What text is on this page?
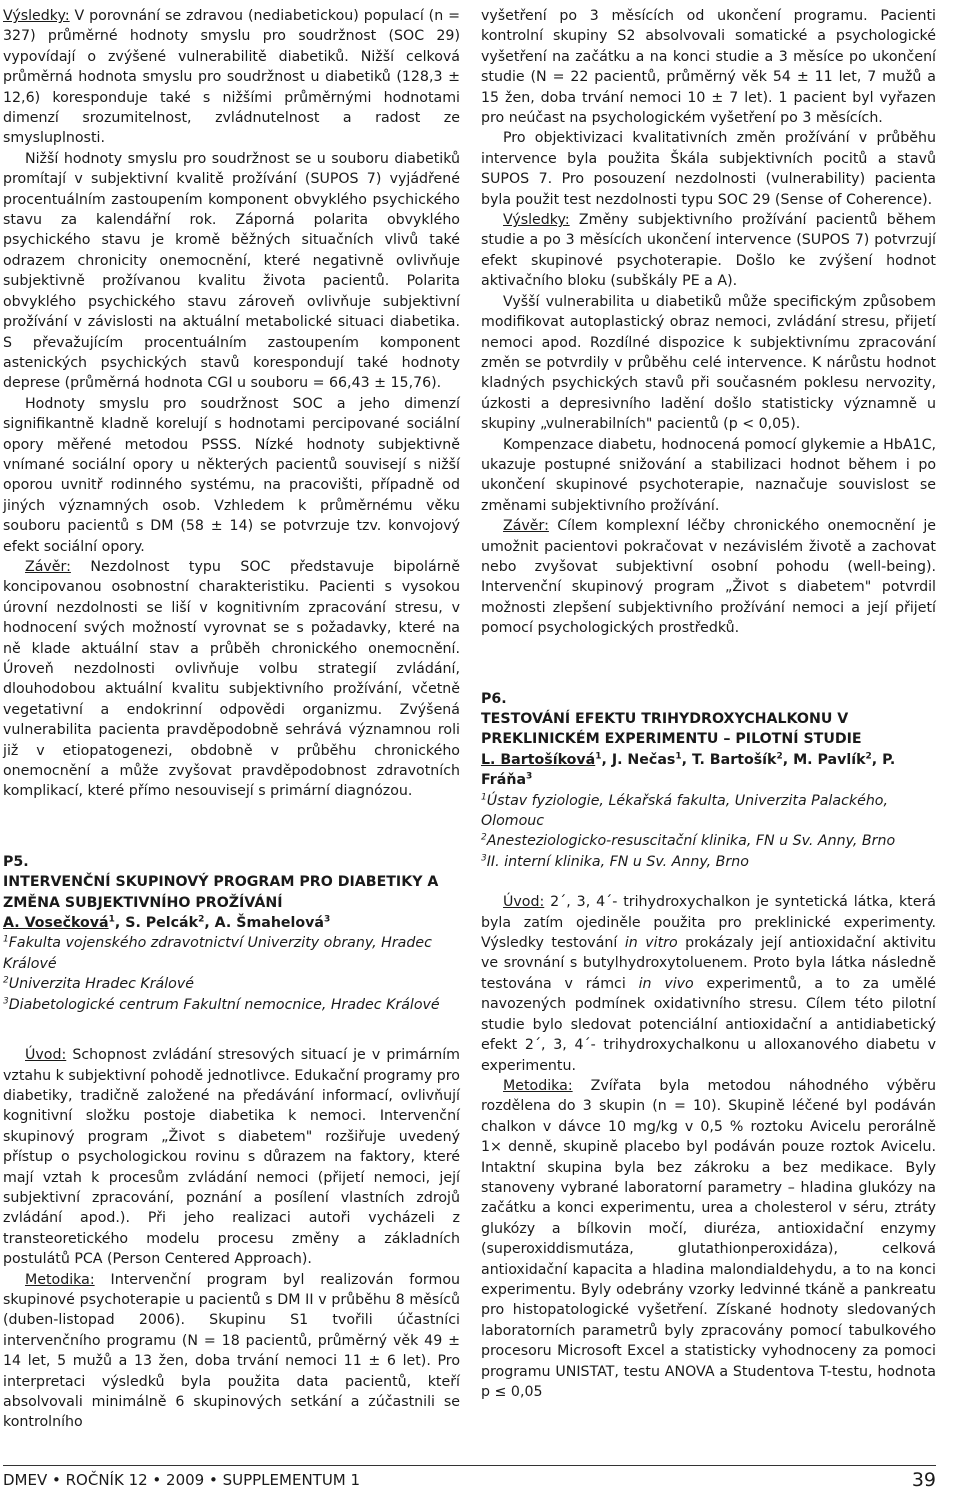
Výsledky: V porovnání se zdravou (nediabetickou) populací (n = 327) průměrné hodnoty smyslu pro soudržnost (SOC 29) vypovídají o zvýšené vulnerabilitě diabetiků. Nižší celková průměrná hodnota smyslu pro soudržnost u diabetiků (128,3 ± 12,6) koresponduje také s nižšími průměrnými hodnotami dimenzí srozumitelnost, zvládnutelnost a radost ze smysluplnosti.

Nižší hodnoty smyslu pro soudržnost se u souboru diabetiků promítají v subjektivní kvalitě prožívání (SUPOS 7) vyjádřené procentuálním zastoupením komponent obvyklého psychického stavu za kalendářní rok. Záporná polarita obvyklého psychického stavu je kromě běžných situačních vlivů také odrazem chronicity onemocnění, které negativně ovlivňuje subjektivně prožívanou kvalitu života pacientů. Polarita obvyklého psychického stavu zároveň ovlivňuje subjektivní prožívání v závislosti na aktuální metabolické situaci diabetika. S převažujícím procentuálním zastoupením komponent astenických psychických stavů korespondují také hodnoty deprese (průměrná hodnota CGI u souboru = 66,43 ± 15,76).

Hodnoty smyslu pro soudržnost SOC a jeho dimenzí signifikantně kladně korelují s hodnotami percipované sociální opory měřené metodou PSSS. Nízké hodnoty subjektivně vnímané sociální opory u některých pacientů souvisejí s nižší oporou uvnitř rodinného systému, na pracovišti, případně od jiných významných osob. Vzhledem k průměrnému věku souboru pacientů s DM (58 ± 14) se potvrzuje tzv. konvojový efekt sociální opory.

Závěr: Nezdolnost typu SOC představuje bipolárně koncipovanou osobnostní charakteristiku. Pacienti s vysokou úrovní nezdolnosti se liší v kognitivním zpracování stresu, v hodnocení svých možností vyrovnat se s požadavky, které na ně klade aktuální stav a průběh chronického onemocnění. Úroveň nezdolnosti ovlivňuje volbu strategií zvládání, dlouhodobou aktuální kvalitu subjektivního prožívání, včetně vegetativní a endokrinní odpovědi organizmu. Zvýšená vulnerabilita pacienta pravděpodobně sehrává významnou roli již v etiopatogenezi, obdobně v průběhu chronického onemocnění a může zvyšovat pravděpodobnost zdravotních komplikací, které přímo nesouvisejí s primární diagnózou.

P5.

INTERVENČNÍ SKUPINOVÝ PROGRAM PRO DIABETIKY A ZMĚNA SUBJEKTIVNÍHO PROŽÍVÁNÍ

A. Vosečková$^1$, S. Pelcák$^2$, A. Šmahelová$^3$

$^1$Fakulta vojenského zdravotnictví Univerzity obrany, Hradec Králové

$^2$Univerzita Hradec Králové

$^3$Diabetologické centrum Fakultní nemocnice, Hradec Králové

Úvod: Schopnost zvládání stresových situací je v primárním vztahu k subjektivní pohodě jednotlivce. Edukační programy pro diabetiky, tradičně založené na předávání informací, ovlivňují kognitivní složku postoje diabetika k nemoci. Intervenční skupinový program „Život s diabetem" rozšiřuje uvedený přístup o psychologickou rovinu s důrazem na faktory, které mají vztah k procesům zvládání nemoci (přijetí nemoci, její subjektivní zpracování, poznání a posílení vlastních zdrojů zvládání apod.). Při jeho realizaci autoři vycházeli z transteoretického modelu procesu změny a základních postulátů PCA (Person Centered Approach).

Metodika: Intervenční program byl realizován formou skupinové psychoterapie u pacientů s DM II v průběhu 8 měsíců (duben-listopad 2006). Skupinu S1 tvořili účastníci intervenčního programu (N = 18 pacientů, průměrný věk 49 ± 14 let, 5 mužů a 13 žen, doba trvání nemoci 11 ± 6 let). Pro interpretaci výsledků byla použita data pacientů, kteří absolvovali minimálně 6 skupinových setkání a zúčastnili se kontrolního

vyšetření po 3 měsících od ukončení programu. Pacienti kontrolní skupiny S2 absolvovali somatické a psychologické vyšetření na začátku a na konci studie a 3 měsíce po ukončení studie (N = 22 pacientů, průměrný věk 54 ± 11 let, 7 mužů a 15 žen, doba trvání nemoci 10 ± 7 let). 1 pacient byl vyřazen pro neúčast na psychologickém vyšetření po 3 měsících.

Pro objektivizaci kvalitativních změn prožívání v průběhu intervence byla použita Škála subjektivních pocitů a stavů SUPOS 7. Pro posouzení nezdolnosti (vulnerability) pacienta byla použit test nezdolnosti typu SOC 29 (Sense of Coherence).

Výsledky: Změny subjektivního prožívání pacientů během studie a po 3 měsících ukončení intervence (SUPOS 7) potvrzují efekt skupinové psychoterapie. Došlo ke zvýšení hodnot aktivačního bloku (subškály PE a A).

Vyšší vulnerabilita u diabetiků může specifickým způsobem modifikovat autoplastický obraz nemoci, zvládání stresu, přijetí nemoci apod. Rozdílné dispozice k subjektivnímu zpracování změn se potvrdily v průběhu celé intervence. K nárůstu hodnot kladných psychických stavů při současném poklesu nervozity, úzkosti a depresivního ladění došlo statisticky významně u skupiny „vulnerabilních" pacientů (p < 0,05).

Kompenzace diabetu, hodnocená pomocí glykemie a HbA1C, ukazuje postupné snižování a stabilizaci hodnot během i po ukončení skupinové psychoterapie, naznačuje souvislost se změnami subjektivního prožívání.

Závěr: Cílem komplexní léčby chronického onemocnění je umožnit pacientovi pokračovat v nezávislém životě a zachovat nebo zvyšovat subjektivní osobní pohodu (well-being). Intervenční skupinový program „Život s diabetem" potvrdil možnosti zlepšení subjektivního prožívání nemoci a její přijetí pomocí psychologických prostředků.

P6.

TESTOVÁNÍ EFEKTU TRIHYDROXYCHALKONU V PREKLINICKÉM EXPERIMENTU – PILOTNÍ STUDIE

L. Bartošíková$^1$, J. Nečas$^1$, T. Bartošík$^2$, M. Pavlík$^2$, P. Fráňa$^3$

$^1$Ústav fyziologie, Lékařská fakulta, Univerzita Palackého, Olomouc

$^2$Anesteziologicko-resuscitační klinika, FN u Sv. Anny, Brno

$^3$II. interní klinika, FN u Sv. Anny, Brno

Úvod: 2´, 3, 4´- trihydroxychalkon je syntetická látka, která byla zatím ojediněle použita pro preklinické experimenty. Výsledky testování in vitro prokázaly její antioxidační aktivitu ve srovnání s butylhydroxytoluenem. Proto byla látka následně testována v rámci in vivo experimentů, a to za umělé navozených podmínek oxidativního stresu. Cílem této pilotní studie bylo sledovat potenciální antioxidační a antidiabetický efekt 2´, 3, 4´- trihydroxychalkonu u alloxanového diabetu v experimentu.

Metodika: Zvířata byla metodou náhodného výběru rozdělena do 3 skupin (n = 10). Skupině léčené byl podáván chalkon v dávce 10 mg/kg v 0,5 % roztoku Avicelu perorálně 1× denně, skupině placebo byl podáván pouze roztok Avicelu. Intaktní skupina byla bez zákroku a bez medikace. Byly stanoveny vybrané laboratorní parametry – hladina glukózy na začátku a konci experimentu, urea a cholesterol v séru, ztráty glukózy a bílkovin močí, diuréza, antioxidační enzymy (superoxiddismutáza, glutathionperoxidáza), celková antioxidační kapacita a hladina malondialdehydu, a to na konci experimentu. Byly odebrány vzorky ledvinné tkáně a pankreatu pro histopatologické vyšetření. Získané hodnoty sledovaných laboratorních parametrů byly zpracovány pomocí tabulkového procesoru Microsoft Excel a statisticky vyhodnoceny za pomoci programu UNISTAT, testu ANOVA a Studentova T-testu, hodnota p ≤ 0,05

DMEV • ROČNÍK 12 • 2009 • SUPPLEMENTUM 1	39
